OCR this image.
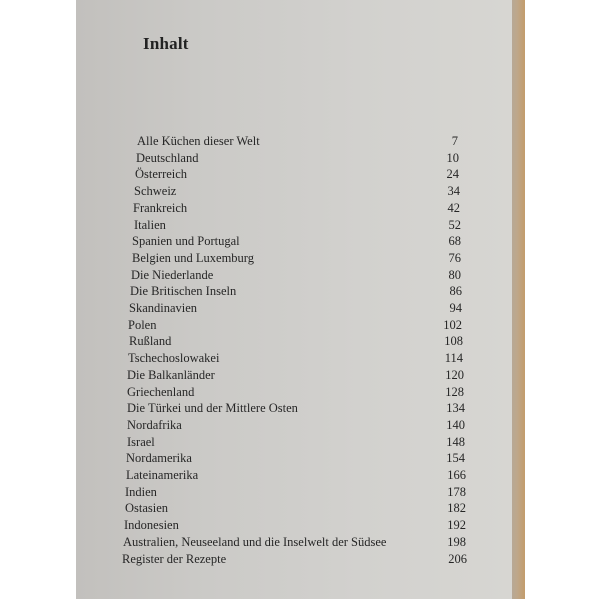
Inhalt
Alle Küchen dieser Welt	7
Deutschland	10
Österreich	24
Schweiz	34
Frankreich	42
Italien	52
Spanien und Portugal	68
Belgien und Luxemburg	76
Die Niederlande	80
Die Britischen Inseln	86
Skandinavien	94
Polen	102
Rußland	108
Tschechoslowakei	114
Die Balkanländer	120
Griechenland	128
Die Türkei und der Mittlere Osten	134
Nordafrika	140
Israel	148
Nordamerika	154
Lateinamerika	166
Indien	178
Ostasien	182
Indonesien	192
Australien, Neuseeland und die Inselwelt der Südsee	198
Register der Rezepte	206
